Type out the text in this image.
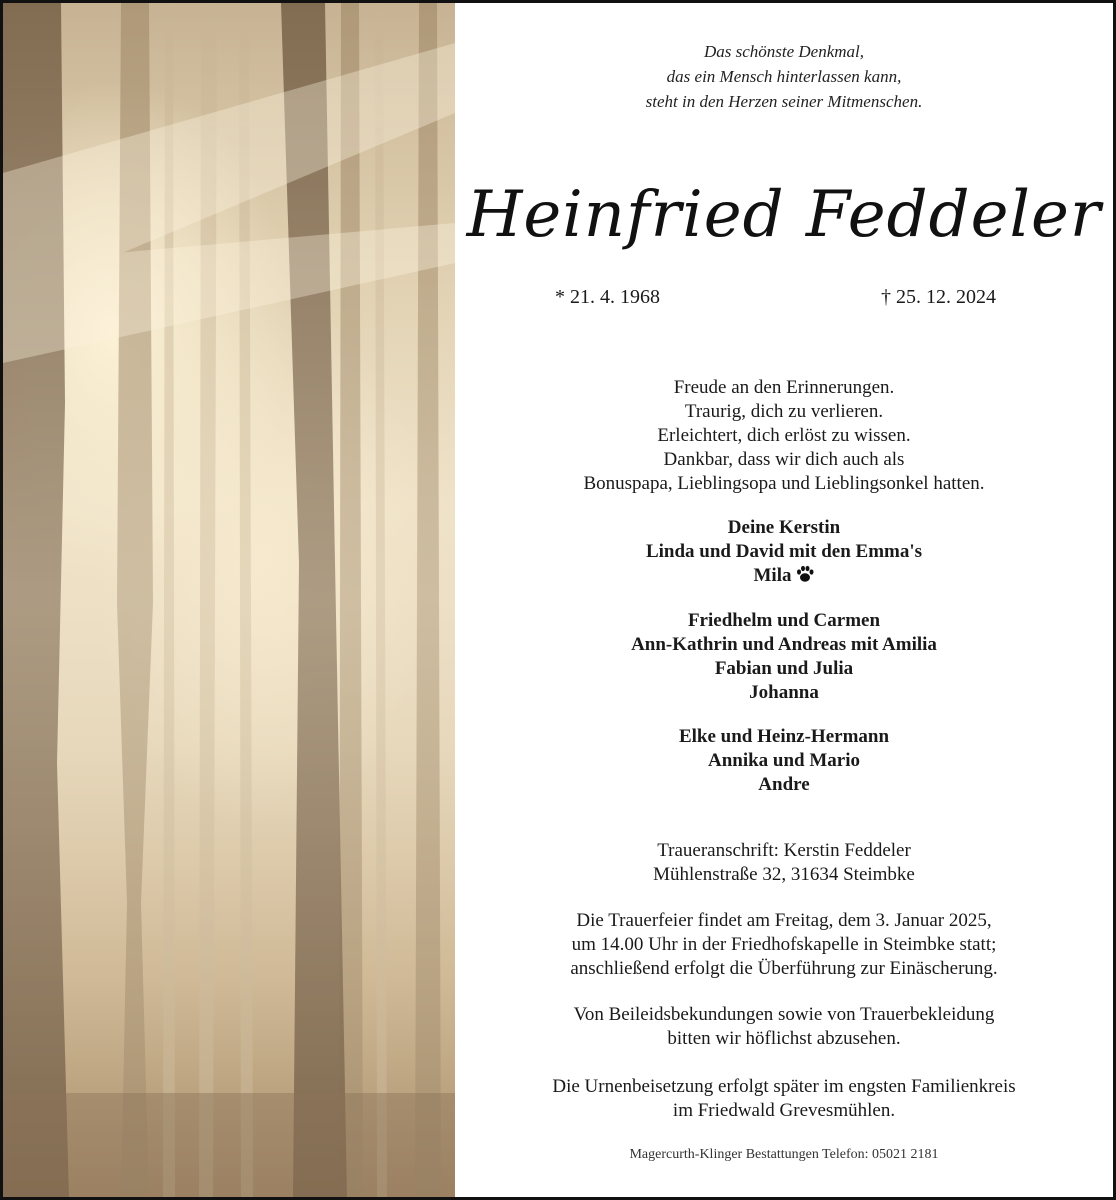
Das schönste Denkmal,
das ein Mensch hinterlassen kann,
steht in den Herzen seiner Mitmenschen.
Heinfried Feddeler
* 21. 4. 1968	† 25. 12. 2024
Freude an den Erinnerungen.
Traurig, dich zu verlieren.
Erleichtert, dich erlöst zu wissen.
Dankbar, dass wir dich auch als
Bonuspapa, Lieblingsopa und Lieblingsonkel hatten.
Deine Kerstin
Linda und David mit den Emma's
Mila
Friedhelm und Carmen
Ann-Kathrin und Andreas mit Amilia
Fabian und Julia
Johanna
Elke und Heinz-Hermann
Annika und Mario
Andre
Traueranschrift: Kerstin Feddeler
Mühlenstraße 32, 31634 Steimbke
Die Trauerfeier findet am Freitag, dem 3. Januar 2025,
um 14.00 Uhr in der Friedhofskapelle in Steimbke statt;
anschließend erfolgt die Überführung zur Einäscherung.
Von Beileidsbekundungen sowie von Trauerbekleidung
bitten wir höflichst abzusehen.
Die Urnenbeisetzung erfolgt später im engsten Familienkreis
im Friedwald Grevesmühlen.
Magercurth-Klinger Bestattungen Telefon: 05021 2181
